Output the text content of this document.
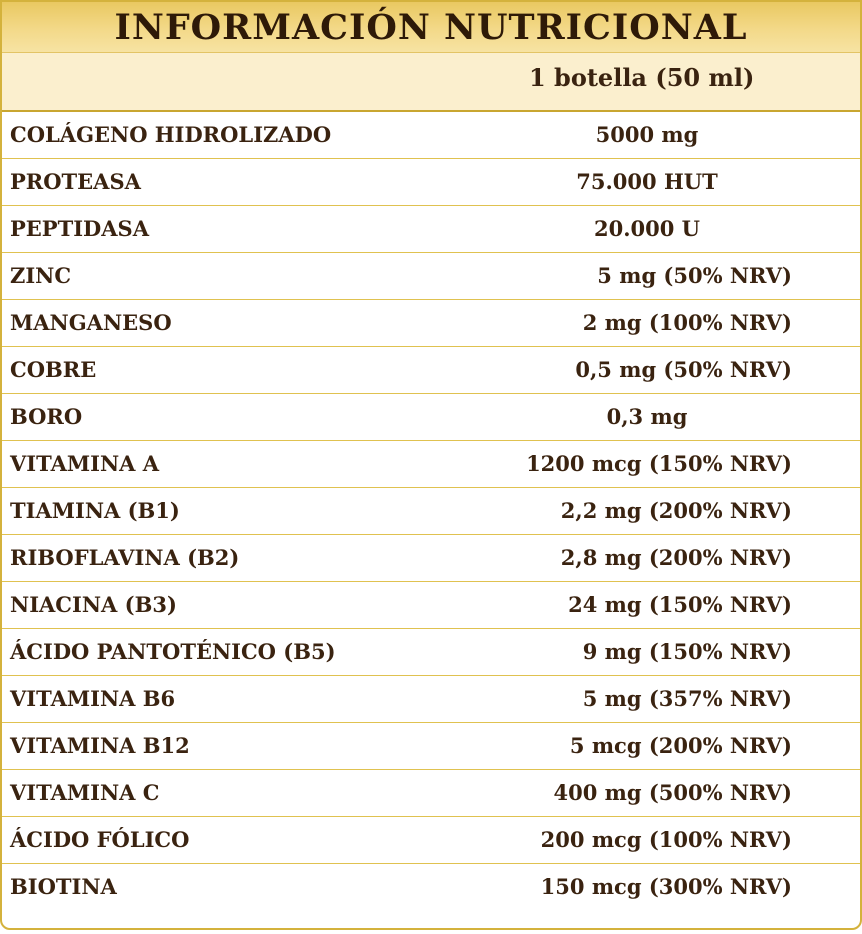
INFORMACIÓN NUTRICIONAL
1 botella (50 ml)
COLÁGENO HIDROLIZADO	5000 mg
PROTEASA	75.000 HUT
PEPTIDASA	20.000 U
ZINC	5 mg (50% NRV)
MANGANESO	2 mg (100% NRV)
COBRE	0,5 mg (50% NRV)
BORO	0,3 mg
VITAMINA A	1200 mcg (150% NRV)
TIAMINA (B1)	2,2 mg (200% NRV)
RIBOFLAVINA (B2)	2,8 mg (200% NRV)
NIACINA (B3)	24 mg (150% NRV)
ÁCIDO PANTOTÉNICO (B5)	9 mg (150% NRV)
VITAMINA B6	5 mg (357% NRV)
VITAMINA B12	5 mcg (200% NRV)
VITAMINA C	400 mg (500% NRV)
ÁCIDO FÓLICO	200 mcg (100% NRV)
BIOTINA	150 mcg (300% NRV)
